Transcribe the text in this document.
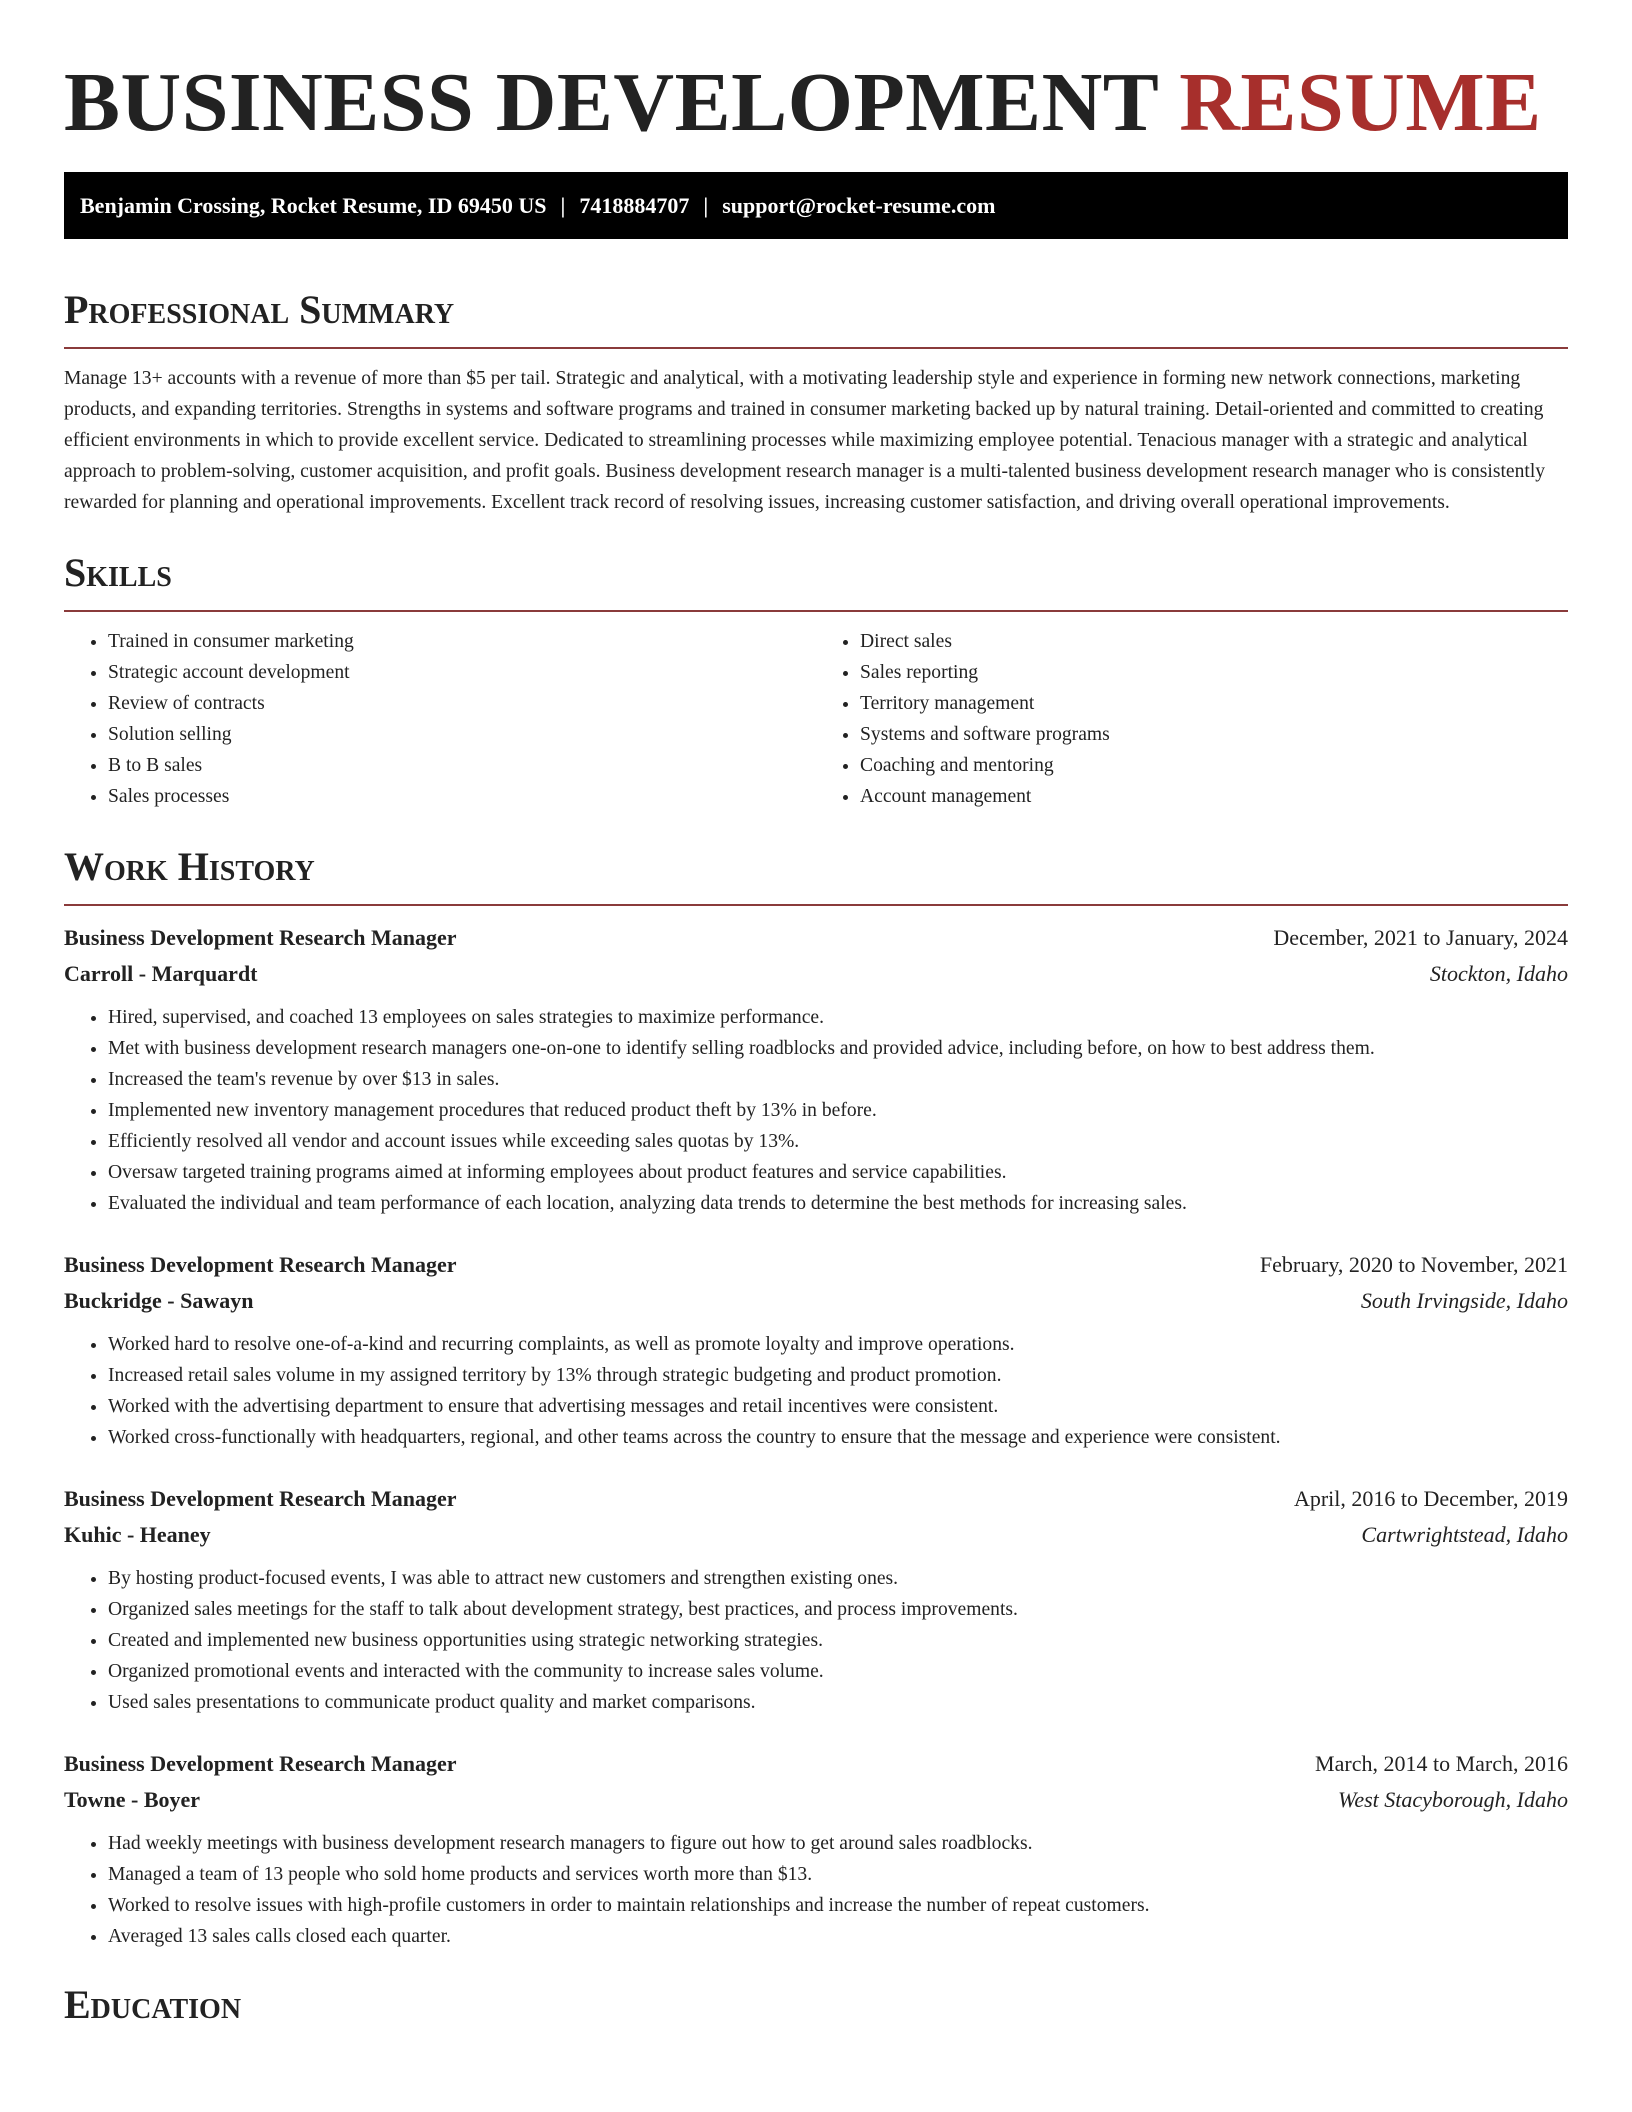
BUSINESS DEVELOPMENT RESUME
Benjamin Crossing, Rocket Resume, ID 69450 US | 7418884707 | support@rocket-resume.com
Professional Summary

Manage 13+ accounts with a revenue of more than $5 per tail. Strategic and analytical, with a motivating leadership style and experience in forming new network connections, marketing products, and expanding territories. Strengths in systems and software programs and trained in consumer marketing backed up by natural training. Detail-oriented and committed to creating efficient environments in which to provide excellent service. Dedicated to streamlining processes while maximizing employee potential. Tenacious manager with a strategic and analytical approach to problem-solving, customer acquisition, and profit goals. Business development research manager is a multi-talented business development research manager who is consistently rewarded for planning and operational improvements. Excellent track record of resolving issues, increasing customer satisfaction, and driving overall operational improvements.

Skills
• Trained in consumer marketing
• Strategic account development
• Review of contracts
• Solution selling
• B to B sales
• Sales processes
• Direct sales
• Sales reporting
• Territory management
• Systems and software programs
• Coaching and mentoring
• Account management
Work History
Business Development Research Manager	December, 2021 to January, 2024
Carroll - Marquardt	Stockton, Idaho
• Hired, supervised, and coached 13 employees on sales strategies to maximize performance.
• Met with business development research managers one-on-one to identify selling roadblocks and provided advice, including before, on how to best address them.
• Increased the team's revenue by over $13 in sales.
• Implemented new inventory management procedures that reduced product theft by 13% in before.
• Efficiently resolved all vendor and account issues while exceeding sales quotas by 13%.
• Oversaw targeted training programs aimed at informing employees about product features and service capabilities.
• Evaluated the individual and team performance of each location, analyzing data trends to determine the best methods for increasing sales.
Business Development Research Manager	February, 2020 to November, 2021
Buckridge - Sawayn	South Irvingside, Idaho
• Worked hard to resolve one-of-a-kind and recurring complaints, as well as promote loyalty and improve operations.
• Increased retail sales volume in my assigned territory by 13% through strategic budgeting and product promotion.
• Worked with the advertising department to ensure that advertising messages and retail incentives were consistent.
• Worked cross-functionally with headquarters, regional, and other teams across the country to ensure that the message and experience were consistent.
Business Development Research Manager	April, 2016 to December, 2019
Kuhic - Heaney	Cartwrightstead, Idaho
• By hosting product-focused events, I was able to attract new customers and strengthen existing ones.
• Organized sales meetings for the staff to talk about development strategy, best practices, and process improvements.
• Created and implemented new business opportunities using strategic networking strategies.
• Organized promotional events and interacted with the community to increase sales volume.
• Used sales presentations to communicate product quality and market comparisons.
Business Development Research Manager	March, 2014 to March, 2016
Towne - Boyer	West Stacyborough, Idaho
• Had weekly meetings with business development research managers to figure out how to get around sales roadblocks.
• Managed a team of 13 people who sold home products and services worth more than $13.
• Worked to resolve issues with high-profile customers in order to maintain relationships and increase the number of repeat customers.
• Averaged 13 sales calls closed each quarter.
Education
